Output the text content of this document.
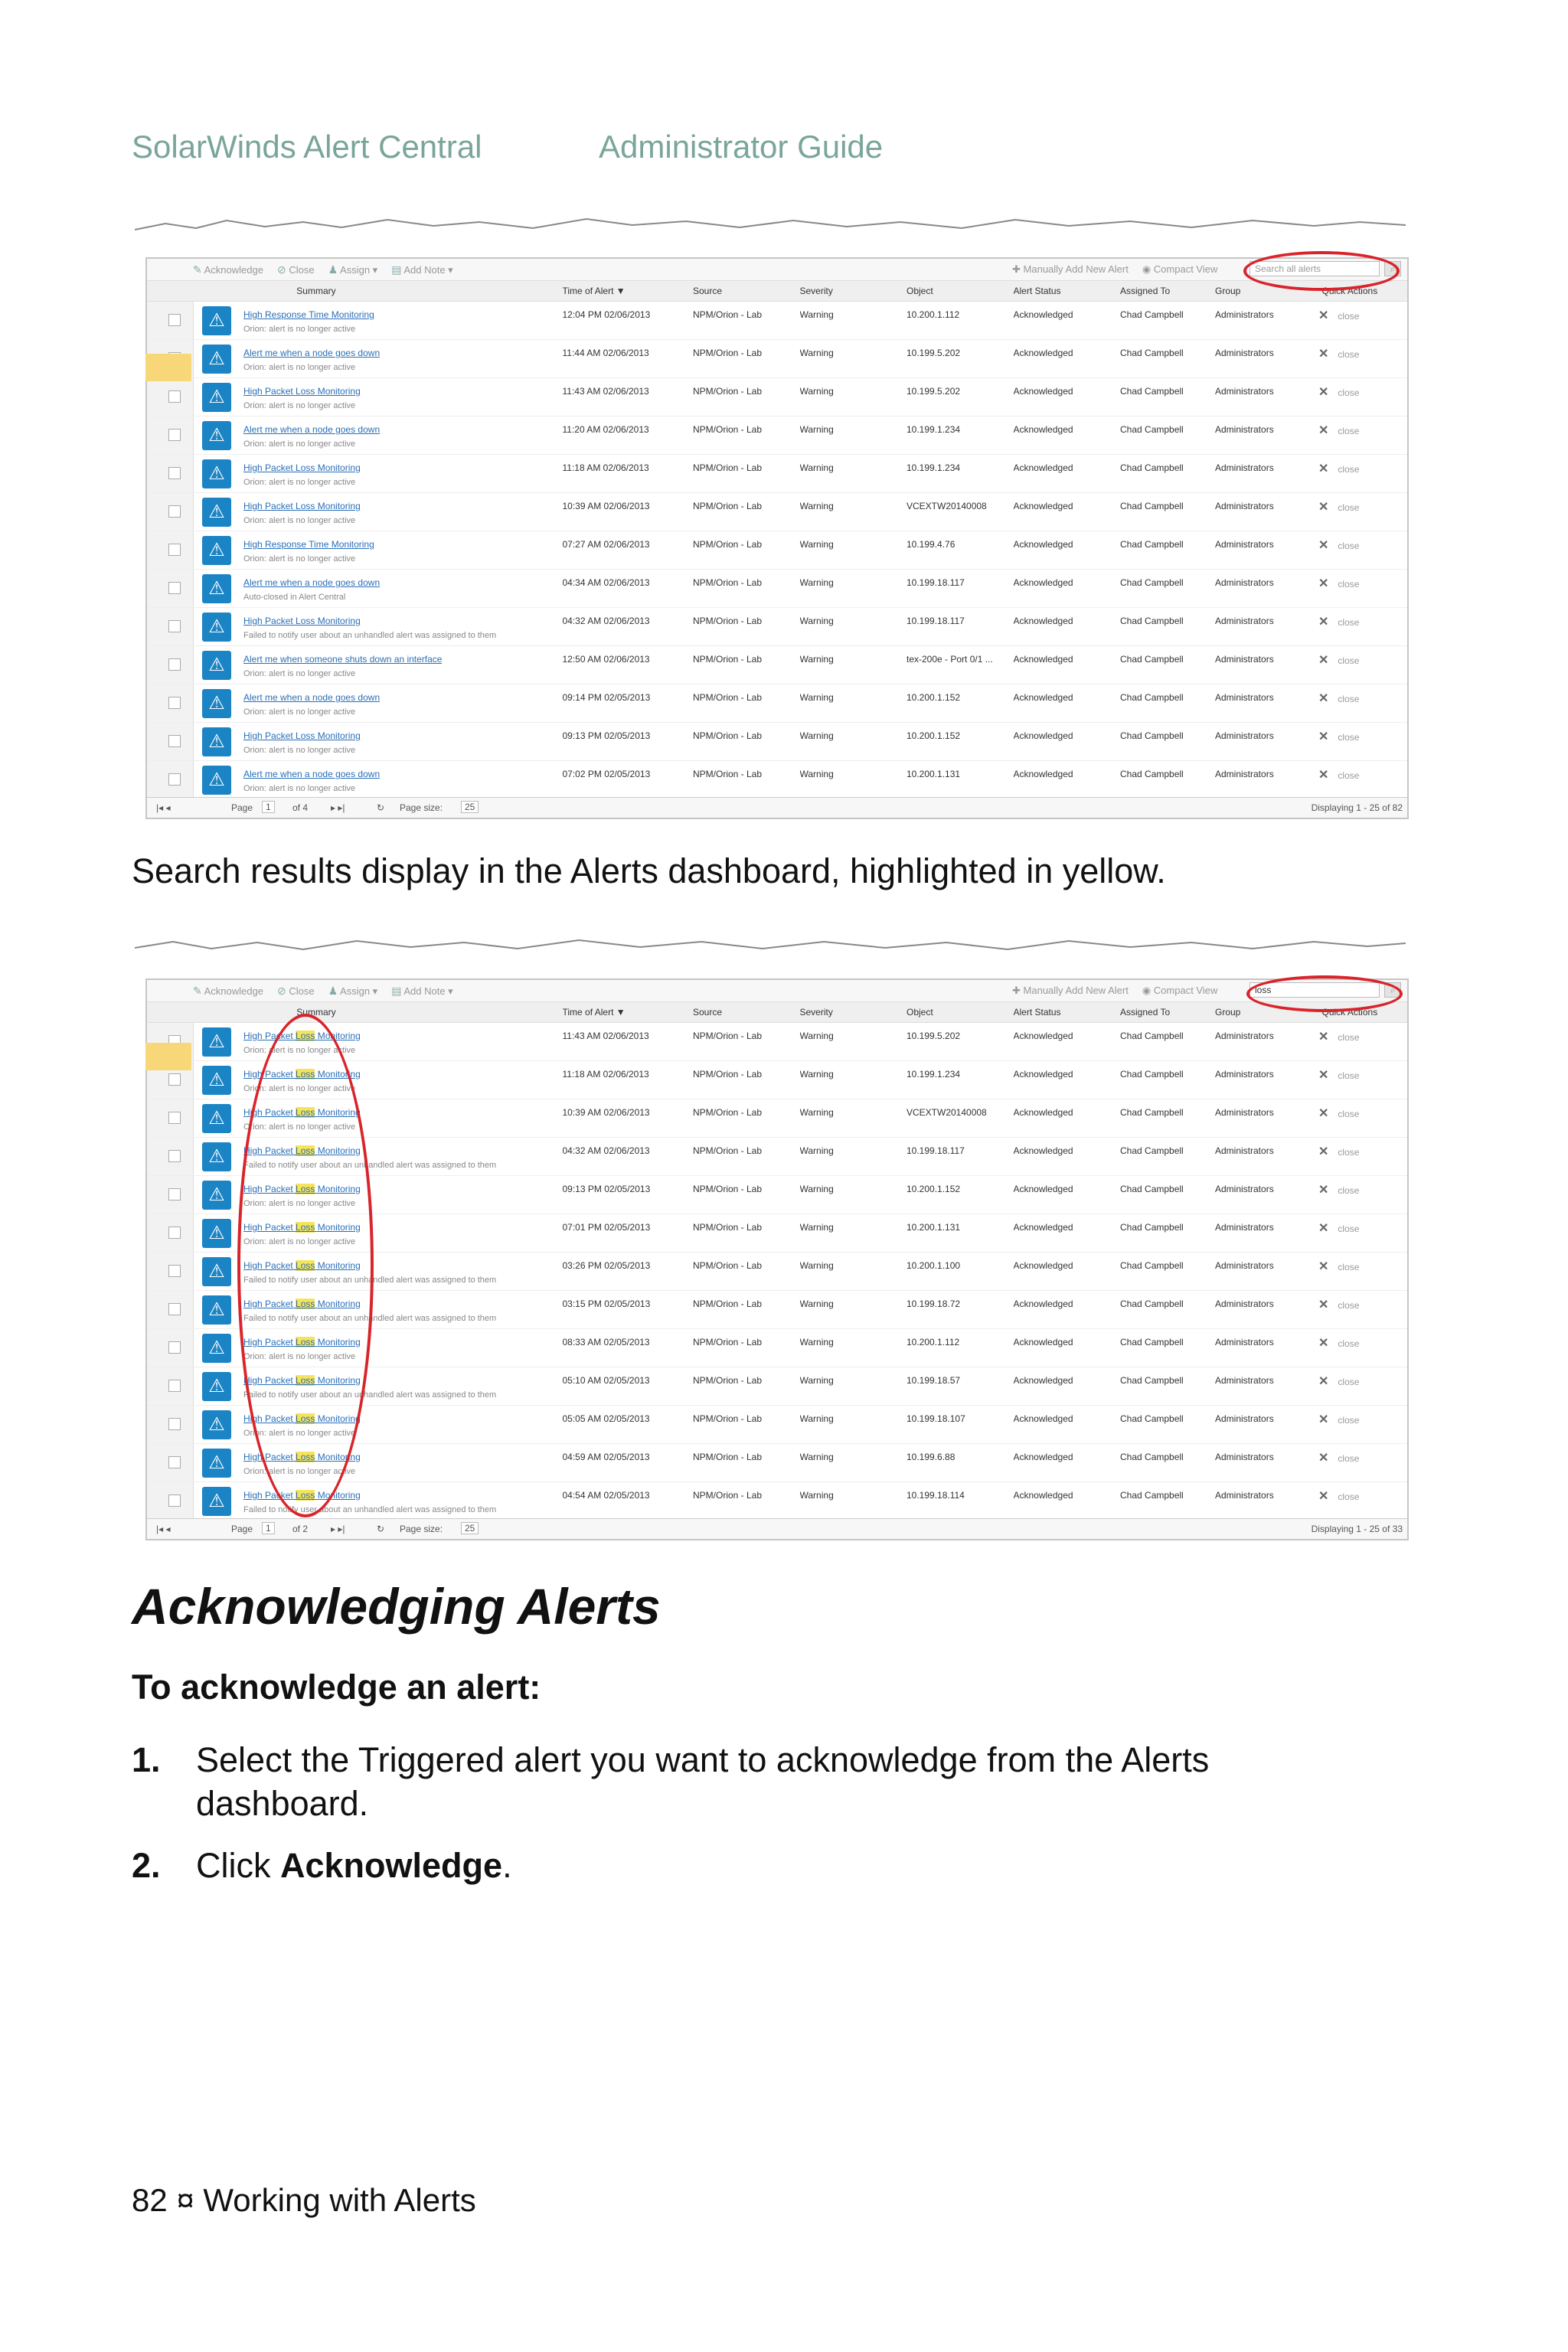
SolarWinds Alert Central	Administrator Guide
✎ Acknowledge ⊘ Close ♟ Assign ▾ ▤ Add Note ▾	✚ Manually Add New Alert ◉ Compact View	Search all alerts	⌕
Summary	Time of Alert ▼	Source	Severity	Object	Alert Status	Assigned To	Group	Quick Actions
⚠	High Response Time Monitoring
Orion: alert is no longer active
12:04 PM 02/06/2013	NPM/Orion - Lab	Warning	10.200.1.112	Acknowledged	Chad Campbell	Administrators	✕ close
⚠	Alert me when a node goes down
Orion: alert is no longer active
11:44 AM 02/06/2013	NPM/Orion - Lab	Warning	10.199.5.202	Acknowledged	Chad Campbell	Administrators	✕ close
⚠	High Packet Loss Monitoring
Orion: alert is no longer active
11:43 AM 02/06/2013	NPM/Orion - Lab	Warning	10.199.5.202	Acknowledged	Chad Campbell	Administrators	✕ close
⚠	Alert me when a node goes down
Orion: alert is no longer active
11:20 AM 02/06/2013	NPM/Orion - Lab	Warning	10.199.1.234	Acknowledged	Chad Campbell	Administrators	✕ close
⚠	High Packet Loss Monitoring
Orion: alert is no longer active
11:18 AM 02/06/2013	NPM/Orion - Lab	Warning	10.199.1.234	Acknowledged	Chad Campbell	Administrators	✕ close
⚠	High Packet Loss Monitoring
Orion: alert is no longer active
10:39 AM 02/06/2013	NPM/Orion - Lab	Warning	VCEXTW20140008	Acknowledged	Chad Campbell	Administrators	✕ close
⚠	High Response Time Monitoring
Orion: alert is no longer active
07:27 AM 02/06/2013	NPM/Orion - Lab	Warning	10.199.4.76	Acknowledged	Chad Campbell	Administrators	✕ close
⚠	Alert me when a node goes down
Auto-closed in Alert Central
04:34 AM 02/06/2013	NPM/Orion - Lab	Warning	10.199.18.117	Acknowledged	Chad Campbell	Administrators	✕ close
⚠	High Packet Loss Monitoring
Failed to notify user about an unhandled alert was assigned to them
04:32 AM 02/06/2013	NPM/Orion - Lab	Warning	10.199.18.117	Acknowledged	Chad Campbell	Administrators	✕ close
⚠	Alert me when someone shuts down an interface
Orion: alert is no longer active
12:50 AM 02/06/2013	NPM/Orion - Lab	Warning	tex-200e - Port 0/1 ... Acknowledged	Chad Campbell	Administrators	✕ close
⚠	Alert me when a node goes down
Orion: alert is no longer active
09:14 PM 02/05/2013	NPM/Orion - Lab	Warning	10.200.1.152	Acknowledged	Chad Campbell	Administrators	✕ close
⚠	High Packet Loss Monitoring
Orion: alert is no longer active
09:13 PM 02/05/2013	NPM/Orion - Lab	Warning	10.200.1.152	Acknowledged	Chad Campbell	Administrators	✕ close
⚠	Alert me when a node goes down
Orion: alert is no longer active
07:02 PM 02/05/2013	NPM/Orion - Lab	Warning	10.200.1.131	Acknowledged	Chad Campbell	Administrators	✕ close
|◂ ◂	Page	1	of 4 ▸ ▸|	↻ Page size:	25	Displaying 1 - 25 of 82
Search results display in the Alerts dashboard, highlighted in yellow.
✎ Acknowledge ⊘ Close ♟ Assign ▾ ▤ Add Note ▾	✚ Manually Add New Alert ◉ Compact View	loss	⌕
Summary	Time of Alert ▼	Source	Severity	Object	Alert Status	Assigned To	Group	Quick Actions
⚠	High Packet Loss Monitoring
Orion: alert is no longer active
11:43 AM 02/06/2013	NPM/Orion - Lab	Warning	10.199.5.202	Acknowledged	Chad Campbell	Administrators	✕ close
⚠	High Packet Loss Monitoring
Orion: alert is no longer active
11:18 AM 02/06/2013	NPM/Orion - Lab	Warning	10.199.1.234	Acknowledged	Chad Campbell	Administrators	✕ close
⚠	High Packet Loss Monitoring
Orion: alert is no longer active
10:39 AM 02/06/2013	NPM/Orion - Lab	Warning	VCEXTW20140008	Acknowledged	Chad Campbell	Administrators	✕ close
⚠	High Packet Loss Monitoring
Failed to notify user about an unhandled alert was assigned to them
04:32 AM 02/06/2013	NPM/Orion - Lab	Warning	10.199.18.117	Acknowledged	Chad Campbell	Administrators	✕ close
⚠	High Packet Loss Monitoring
Orion: alert is no longer active
09:13 PM 02/05/2013	NPM/Orion - Lab	Warning	10.200.1.152	Acknowledged	Chad Campbell	Administrators	✕ close
⚠	High Packet Loss Monitoring
Orion: alert is no longer active
07:01 PM 02/05/2013	NPM/Orion - Lab	Warning	10.200.1.131	Acknowledged	Chad Campbell	Administrators	✕ close
⚠	High Packet Loss Monitoring
Failed to notify user about an unhandled alert was assigned to them
03:26 PM 02/05/2013	NPM/Orion - Lab	Warning	10.200.1.100	Acknowledged	Chad Campbell	Administrators	✕ close
⚠	High Packet Loss Monitoring
Failed to notify user about an unhandled alert was assigned to them
03:15 PM 02/05/2013	NPM/Orion - Lab	Warning	10.199.18.72	Acknowledged	Chad Campbell	Administrators	✕ close
⚠	High Packet Loss Monitoring
Orion: alert is no longer active
08:33 AM 02/05/2013	NPM/Orion - Lab	Warning	10.200.1.112	Acknowledged	Chad Campbell	Administrators	✕ close
⚠	High Packet Loss Monitoring
Failed to notify user about an unhandled alert was assigned to them
05:10 AM 02/05/2013	NPM/Orion - Lab	Warning	10.199.18.57	Acknowledged	Chad Campbell	Administrators	✕ close
⚠	High Packet Loss Monitoring
Orion: alert is no longer active
05:05 AM 02/05/2013	NPM/Orion - Lab	Warning	10.199.18.107	Acknowledged	Chad Campbell	Administrators	✕ close
⚠	High Packet Loss Monitoring
Orion: alert is no longer active
04:59 AM 02/05/2013	NPM/Orion - Lab	Warning	10.199.6.88	Acknowledged	Chad Campbell	Administrators	✕ close
⚠	High Packet Loss Monitoring
Failed to notify user about an unhandled alert was assigned to them
04:54 AM 02/05/2013	NPM/Orion - Lab	Warning	10.199.18.114	Acknowledged	Chad Campbell	Administrators	✕ close
|◂ ◂	Page	1	of 2 ▸ ▸|	↻ Page size:	25	Displaying 1 - 25 of 33
Acknowledging Alerts

To acknowledge an alert:

1. Select the Triggered alert you want to acknowledge from the Alerts dashboard.
2. Click Acknowledge.
82 ¤ Working with Alerts
